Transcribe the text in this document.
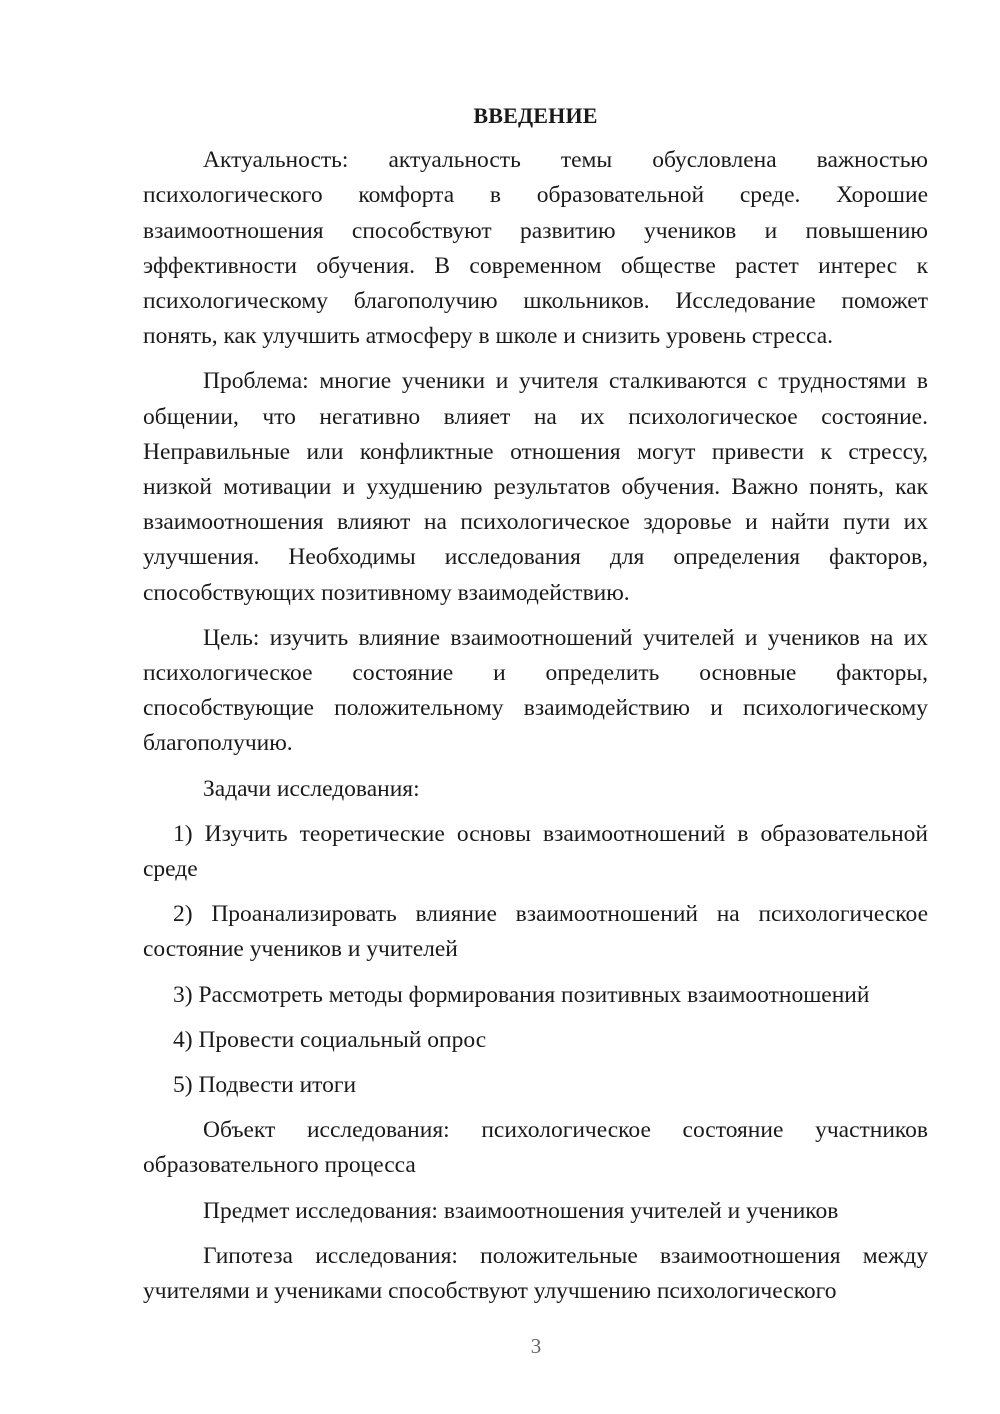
ВВЕДЕНИЕ

Актуальность: актуальность темы обусловлена важностью психологического комфорта в образовательной среде. Хорошие взаимоотношения способствуют развитию учеников и повышению эффективности обучения. В современном обществе растет интерес к психологическому благополучию школьников. Исследование поможет понять, как улучшить атмосферу в школе и снизить уровень стресса.

Проблема: многие ученики и учителя сталкиваются с трудностями в общении, что негативно влияет на их психологическое состояние. Неправильные или конфликтные отношения могут привести к стрессу, низкой мотивации и ухудшению результатов обучения. Важно понять, как взаимоотношения влияют на психологическое здоровье и найти пути их улучшения. Необходимы исследования для определения факторов, способствующих позитивному взаимодействию.

Цель: изучить влияние взаимоотношений учителей и учеников на их психологическое состояние и определить основные факторы, способствующие положительному взаимодействию и психологическому благополучию.

Задачи исследования:

1) Изучить теоретические основы взаимоотношений в образовательной среде

2) Проанализировать влияние взаимоотношений на психологическое состояние учеников и учителей

3) Рассмотреть методы формирования позитивных взаимоотношений

4) Провести социальный опрос

5) Подвести итоги

Объект исследования: психологическое состояние участников образовательного процесса

Предмет исследования: взаимоотношения учителей и учеников

Гипотеза исследования: положительные взаимоотношения между учителями и учениками способствуют улучшению психологического

3
